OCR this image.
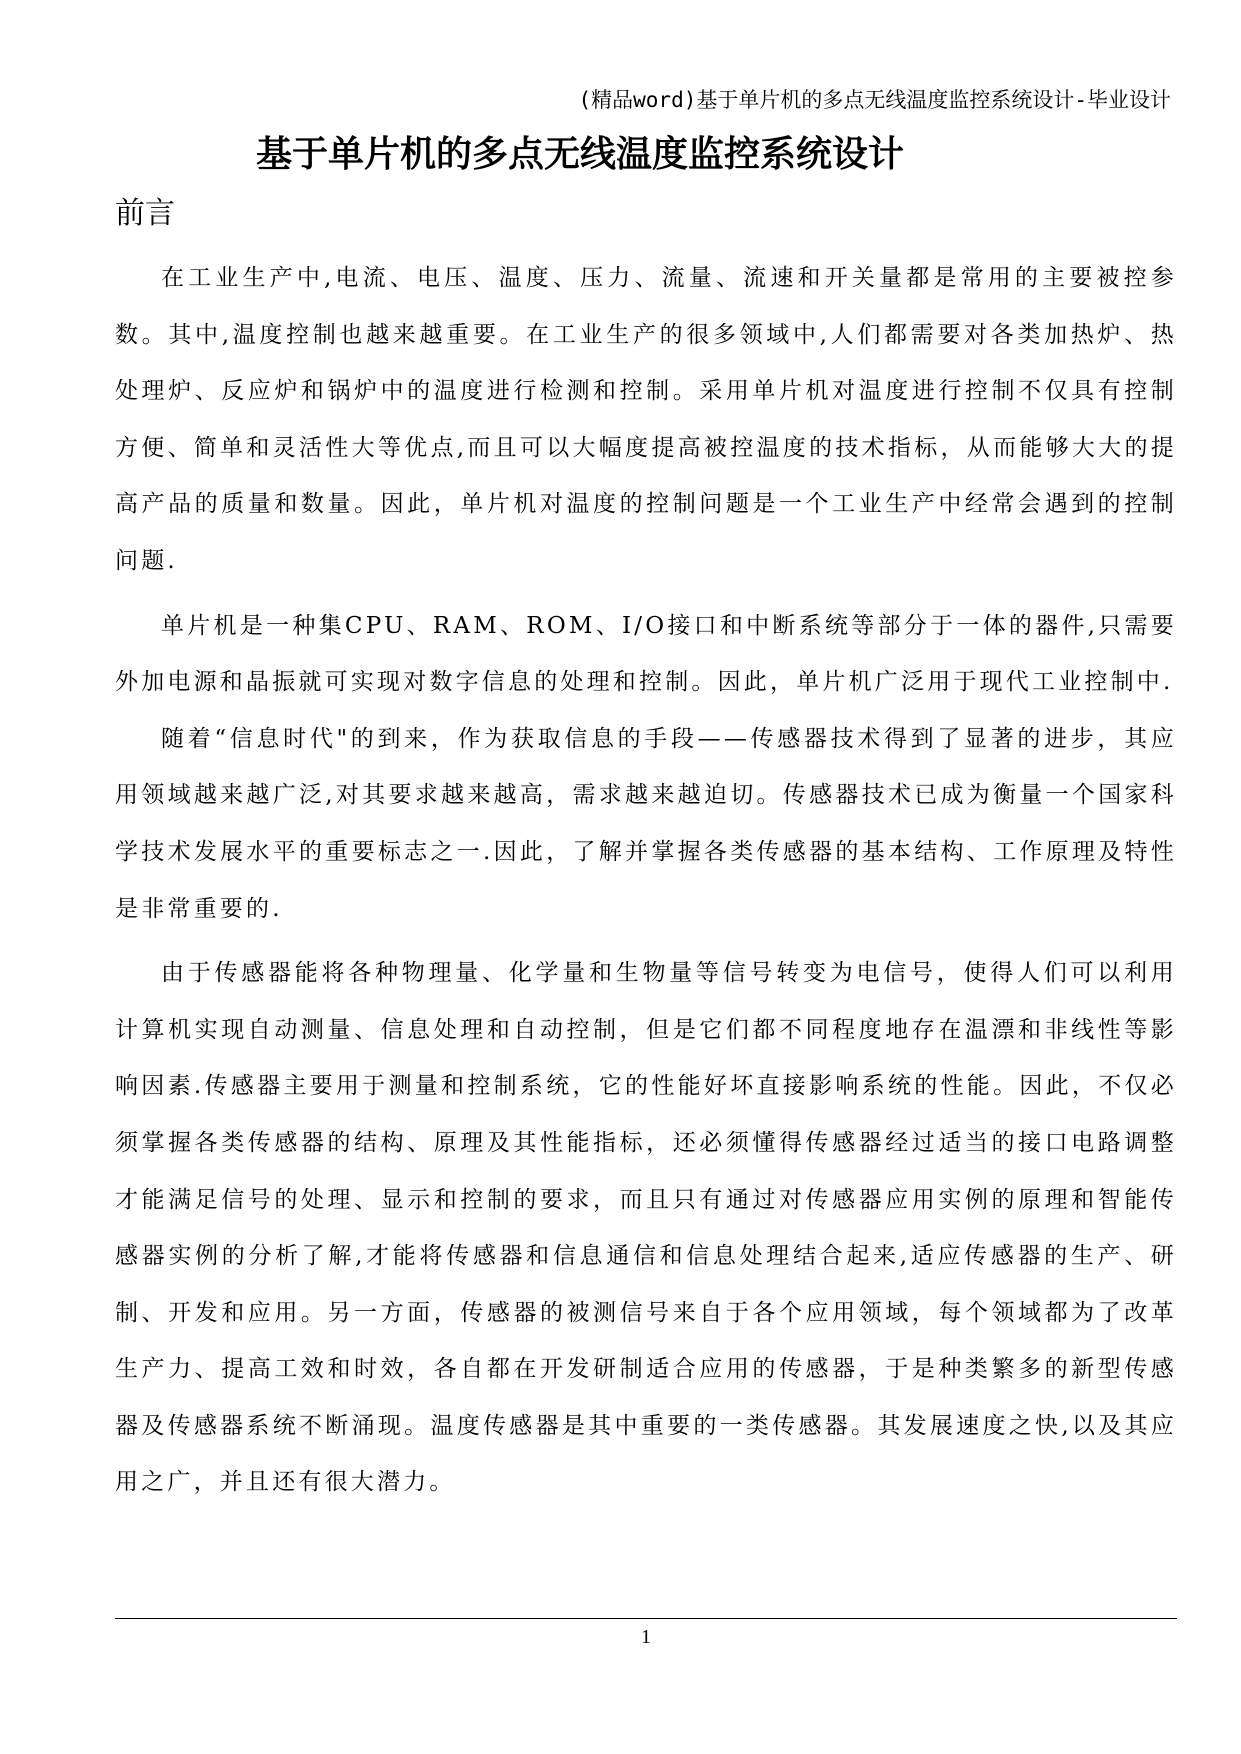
(精品word)基于单片机的多点无线温度监控系统设计-毕业设计
基于单片机的多点无线温度监控系统设计
前言

在工业生产中,电流、电压、温度、压力、流量、流速和开关量都是常用的主要被控参数。其中,温度控制也越来越重要。在工业生产的很多领域中,人们都需要对各类加热炉、热处理炉、反应炉和锅炉中的温度进行检测和控制。采用单片机对温度进行控制不仅具有控制方便、简单和灵活性大等优点,而且可以大幅度提高被控温度的技术指标，从而能够大大的提高产品的质量和数量。因此，单片机对温度的控制问题是一个工业生产中经常会遇到的控制问题.

单片机是一种集CPU、RAM、ROM、I/O接口和中断系统等部分于一体的器件,只需要外加电源和晶振就可实现对数字信息的处理和控制。因此，单片机广泛用于现代工业控制中.

随着“信息时代"的到来，作为获取信息的手段——传感器技术得到了显著的进步，其应用领域越来越广泛,对其要求越来越高，需求越来越迫切。传感器技术已成为衡量一个国家科学技术发展水平的重要标志之一.因此，了解并掌握各类传感器的基本结构、工作原理及特性是非常重要的.

由于传感器能将各种物理量、化学量和生物量等信号转变为电信号，使得人们可以利用计算机实现自动测量、信息处理和自动控制，但是它们都不同程度地存在温漂和非线性等影响因素.传感器主要用于测量和控制系统，它的性能好坏直接影响系统的性能。因此，不仅必须掌握各类传感器的结构、原理及其性能指标，还必须懂得传感器经过适当的接口电路调整才能满足信号的处理、显示和控制的要求，而且只有通过对传感器应用实例的原理和智能传感器实例的分析了解,才能将传感器和信息通信和信息处理结合起来,适应传感器的生产、研制、开发和应用。另一方面，传感器的被测信号来自于各个应用领域，每个领域都为了改革生产力、提高工效和时效，各自都在开发研制适合应用的传感器，于是种类繁多的新型传感器及传感器系统不断涌现。温度传感器是其中重要的一类传感器。其发展速度之快,以及其应用之广，并且还有很大潜力。

1
